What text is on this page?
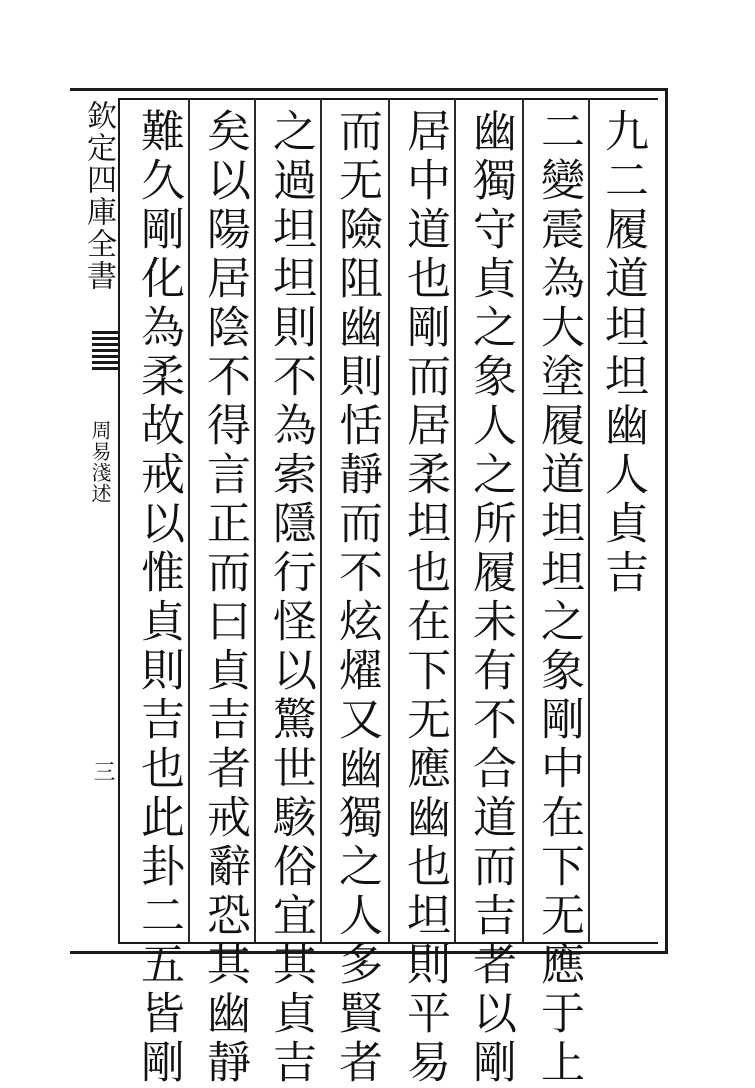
欽定四庫全書
周易淺述
三
九二履道坦坦幽人貞吉
二變震為大塗履道坦坦之象剛中在下无應于上
幽獨守貞之象人之所履未有不合道而吉者以剛
居中道也剛而居柔坦也在下无應幽也坦則平易
而无險阻幽則恬靜而不炫燿又幽獨之人多賢者
之過坦坦則不為索隱行怪以驚世駭俗宜其貞吉
矣以陽居陰不得言正而曰貞吉者戒辭恐其幽靜
難久剛化為柔故戒以惟貞則吉也此卦二五皆剛
